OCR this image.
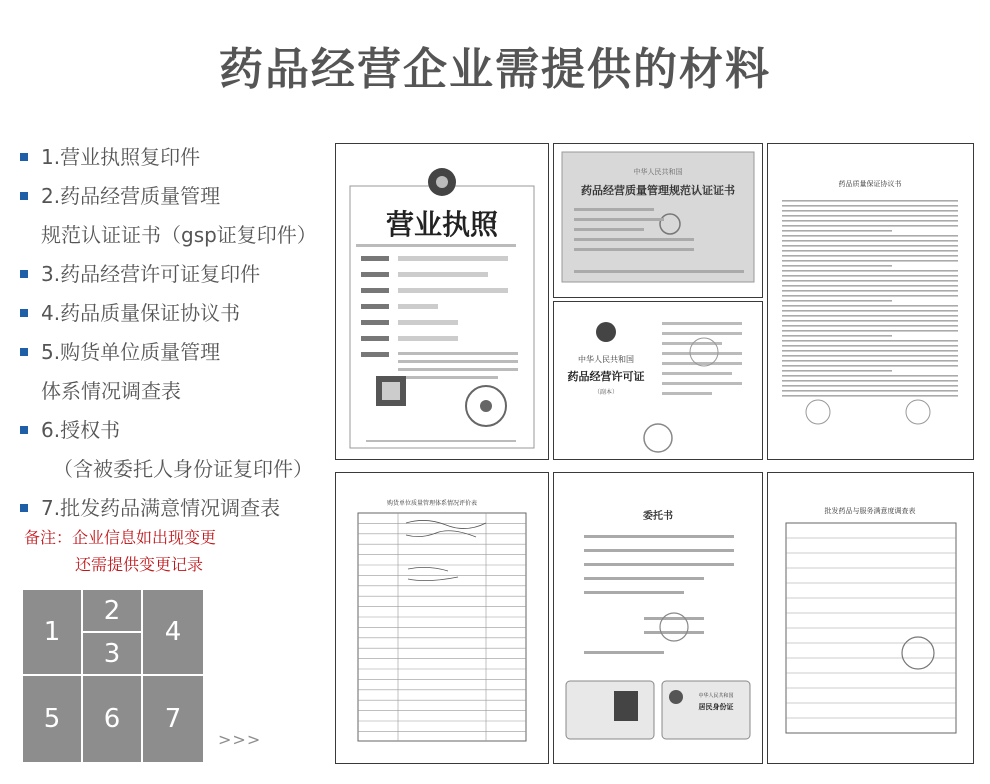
药品经营企业需提供的材料
1.营业执照复印件
2.药品经营质量管理
规范认证证书（gsp证复印件）
3.药品经营许可证复印件
4.药品质量保证协议书
5.购货单位质量管理
体系情况调查表
6.授权书
（含被委托人身份证复印件）
7.批发药品满意情况调查表
备注：企业信息如出现变更
还需提供变更记录
1
2
3
4
5	6	7
>>>
营业执照
中华人民共和国
药品经营质量管理规范认证证书
中华人民共和国
药品经营许可证
（副本）
药品质量保证协议书
购货单位质量管理体系情况评价表
委托书
中华人民共和国
居民身份证
批发药品与服务满意度调查表
